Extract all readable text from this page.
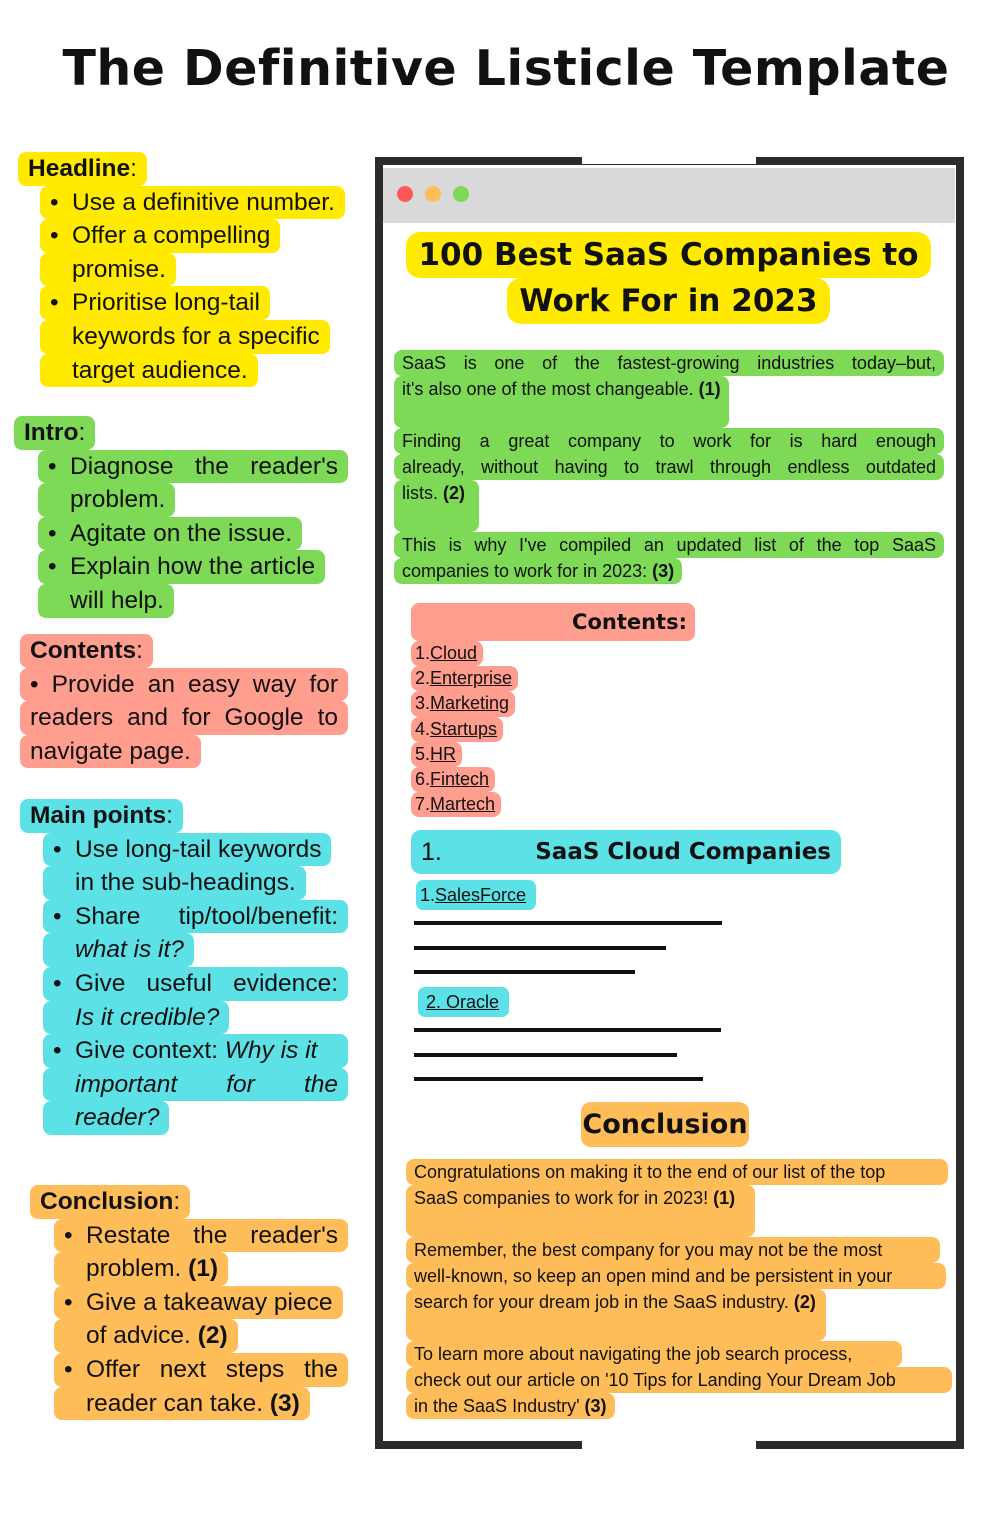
The Definitive Listicle Template
Headline:
• Use a definitive number.
• Offer a compelling
promise.
• Prioritise long-tail
keywords for a specific
target audience.
Intro:
• Diagnose the reader's
problem.
• Agitate on the issue.
• Explain how the article
will help.
Contents:
• Provide an easy way for
readers and for Google to
navigate page.
Main points:
• Use long-tail keywords
in the sub-headings.
• Share tip/tool/benefit:
what is it?
• Give useful evidence:
Is it credible?
• Give context: Why is it
important for the
reader?
Conclusion:
• Restate the reader's
problem. (1)
• Give a takeaway piece
of advice. (2)
• Offer next steps the
reader can take. (3)
100 Best SaaS Companies to
Work For in 2023
SaaS is one of the fastest-growing industries today–but,
it's also one of the most changeable. (1)
Finding a great company to work for is hard enough
already, without having to trawl through endless outdated
lists. (2)
This is why I've compiled an updated list of the top SaaS
companies to work for in 2023: (3)
Contents:
1.Cloud
2.Enterprise
3.Marketing
4.Startups
5.HR
6.Fintech
7.Martech
1.	SaaS Cloud Companies
1.SalesForce
2. Oracle
Conclusion
Congratulations on making it to the end of our list of the top
SaaS companies to work for in 2023! (1)
Remember, the best company for you may not be the most
well-known, so keep an open mind and be persistent in your
search for your dream job in the SaaS industry. (2)
To learn more about navigating the job search process,
check out our article on '10 Tips for Landing Your Dream Job
in the SaaS Industry' (3)
